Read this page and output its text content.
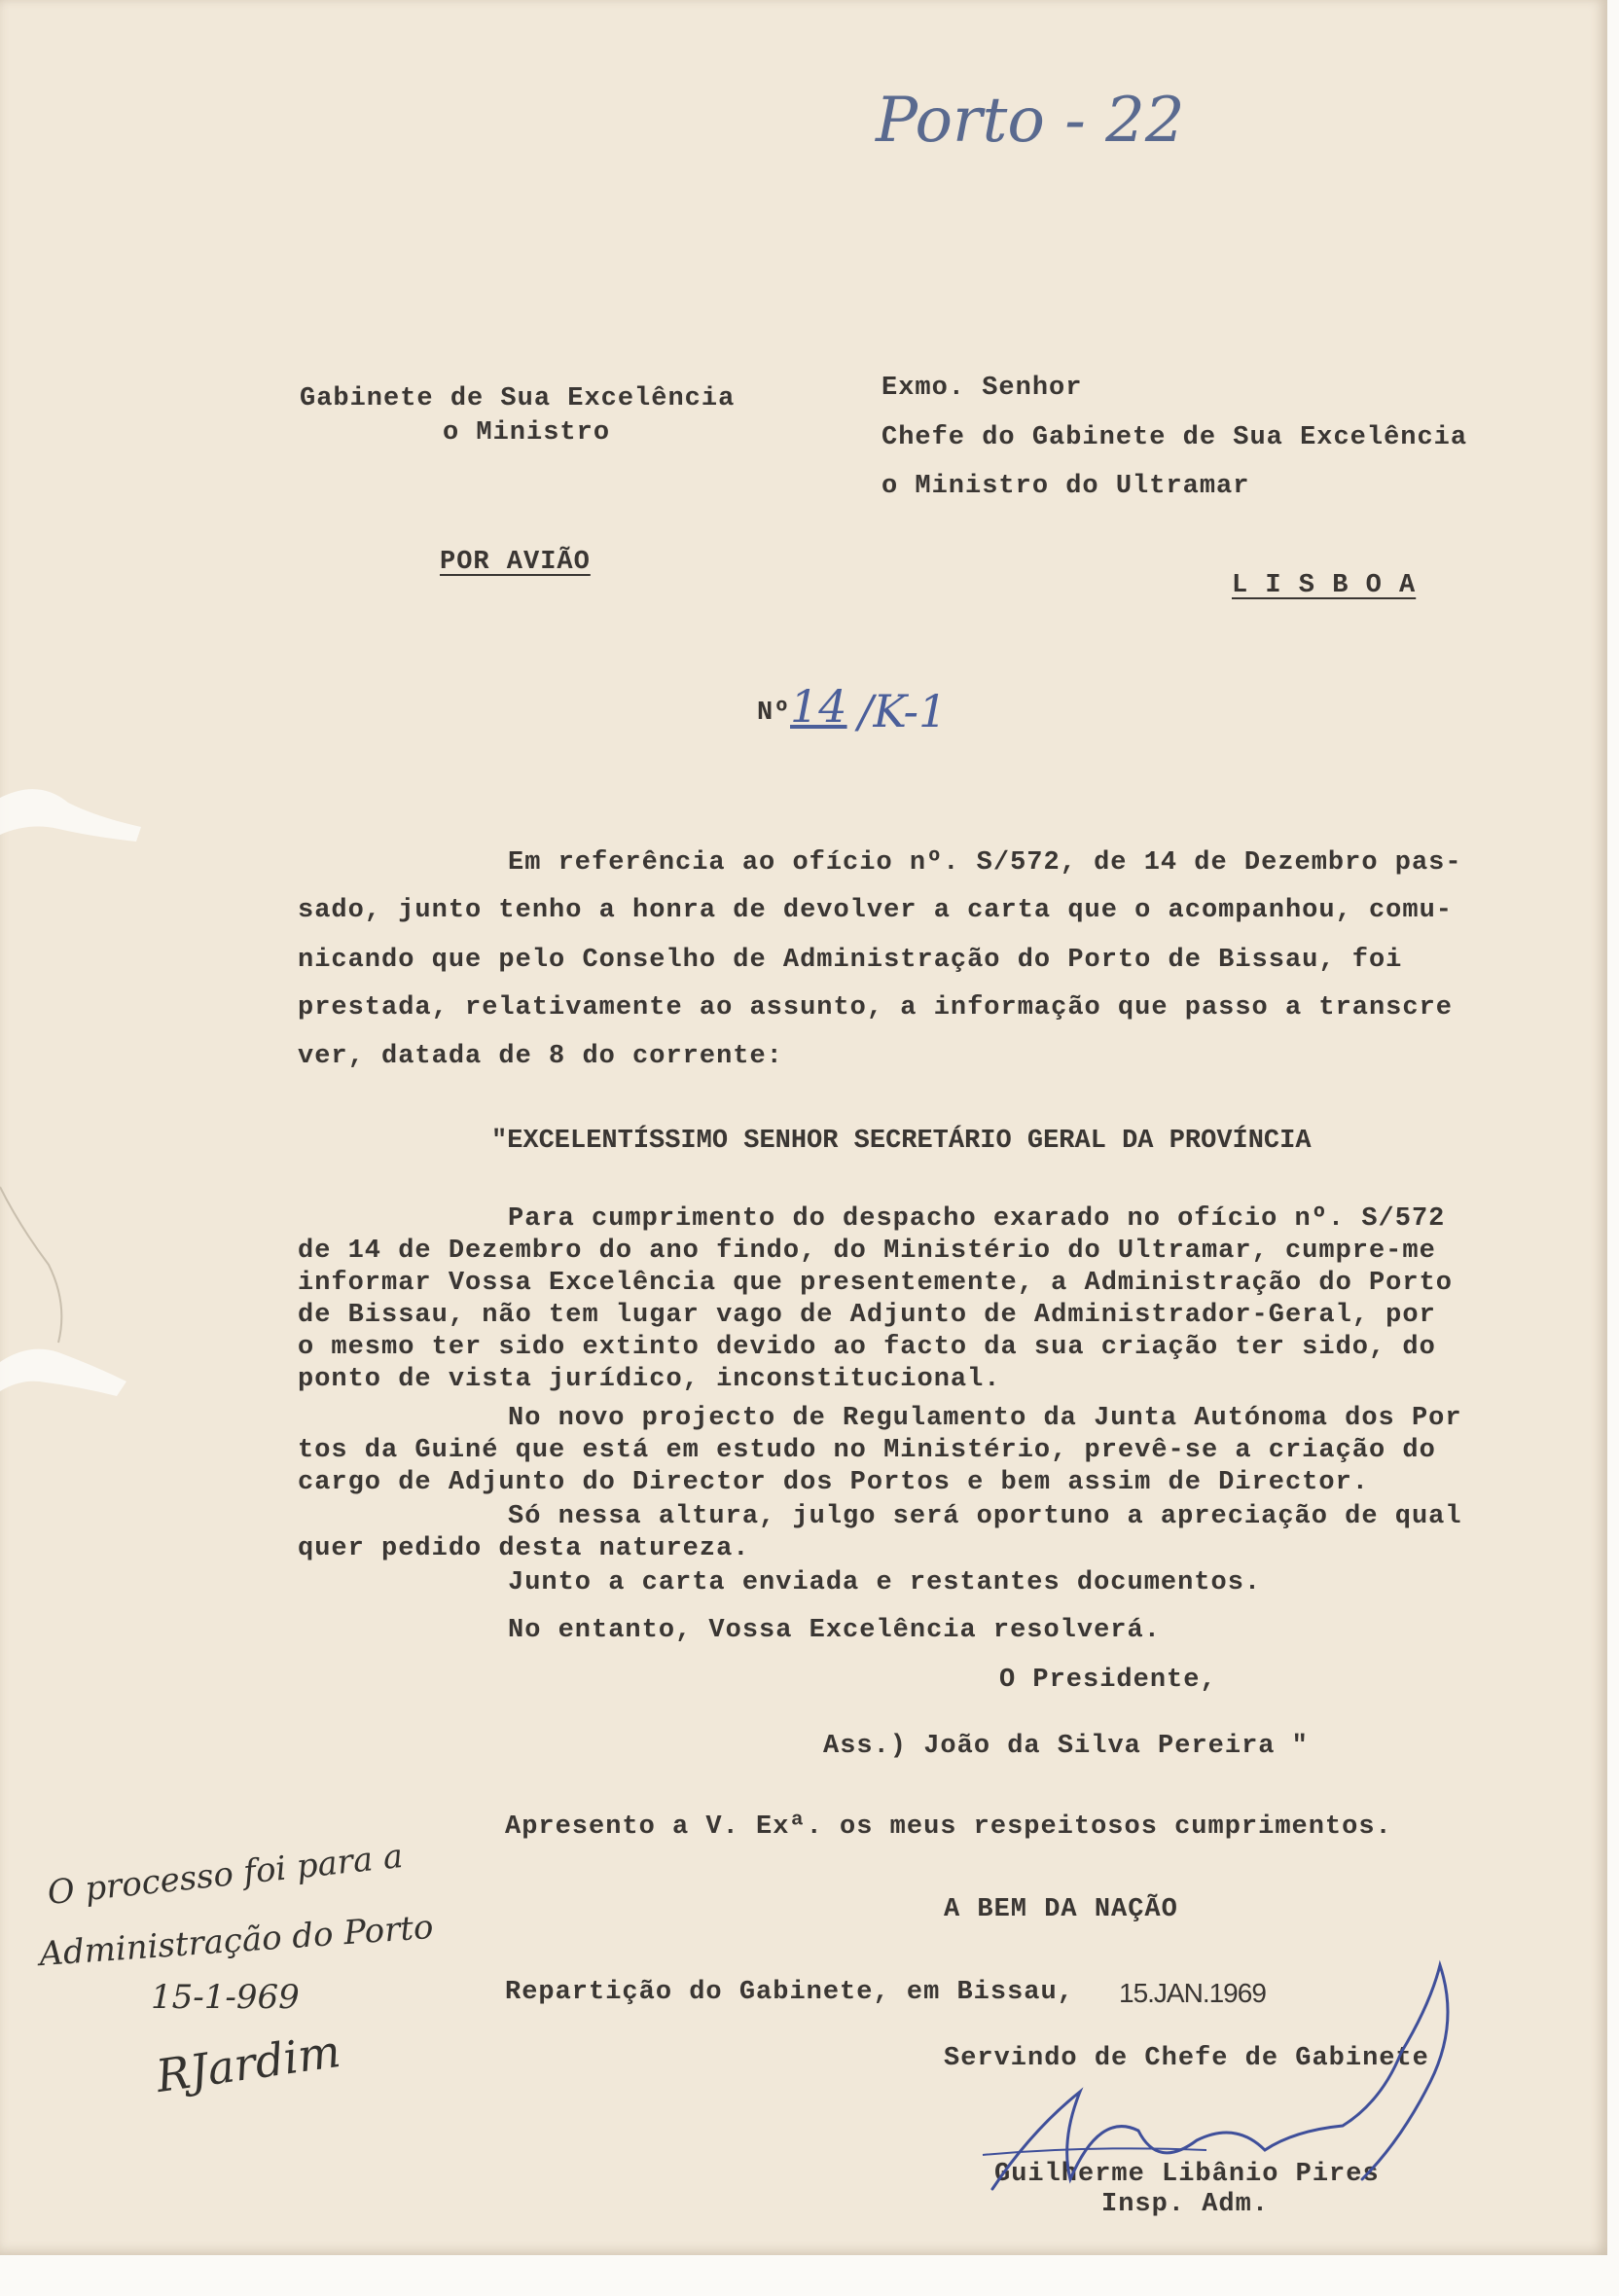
Porto - 22
Gabinete de Sua Excelência
o Ministro
Exmo. Senhor
Chefe do Gabinete de Sua Excelência
o Ministro do Ultramar
POR AVIÃO
L I S B O A
Nº 14 /K-1
Em referência ao ofício nº. S/572, de 14 de Dezembro pas-
sado, junto tenho a honra de devolver a carta que o acompanhou, comu-
nicando que pelo Conselho de Administração do Porto de Bissau, foi
prestada, relativamente ao assunto, a informação que passo a transcre
ver, datada de 8 do corrente:
"EXCELENTÍSSIMO SENHOR SECRETÁRIO GERAL DA PROVÍNCIA
Para cumprimento do despacho exarado no ofício nº. S/572
de 14 de Dezembro do ano findo, do Ministério do Ultramar, cumpre-me
informar Vossa Excelência que presentemente, a Administração do Porto
de Bissau, não tem lugar vago de Adjunto de Administrador-Geral, por
o mesmo ter sido extinto devido ao facto da sua criação ter sido, do
ponto de vista jurídico, inconstitucional.
No novo projecto de Regulamento da Junta Autónoma dos Por
tos da Guiné que está em estudo no Ministério, prevê-se a criação do
cargo de Adjunto do Director dos Portos e bem assim de Director.
Só nessa altura, julgo será oportuno a apreciação de qual
quer pedido desta natureza.
Junto a carta enviada e restantes documentos.
No entanto, Vossa Excelência resolverá.
O Presidente,
Ass.) João da Silva Pereira "
Apresento a V. Exª. os meus respeitosos cumprimentos.
A BEM DA NAÇÃO
Repartição do Gabinete, em Bissau, 15.JAN.1969
Servindo de Chefe de Gabinete
Guilherme Libânio Pires
Insp. Adm.
O processo foi para a
Administração do Porto
15-1-969
RJardim
